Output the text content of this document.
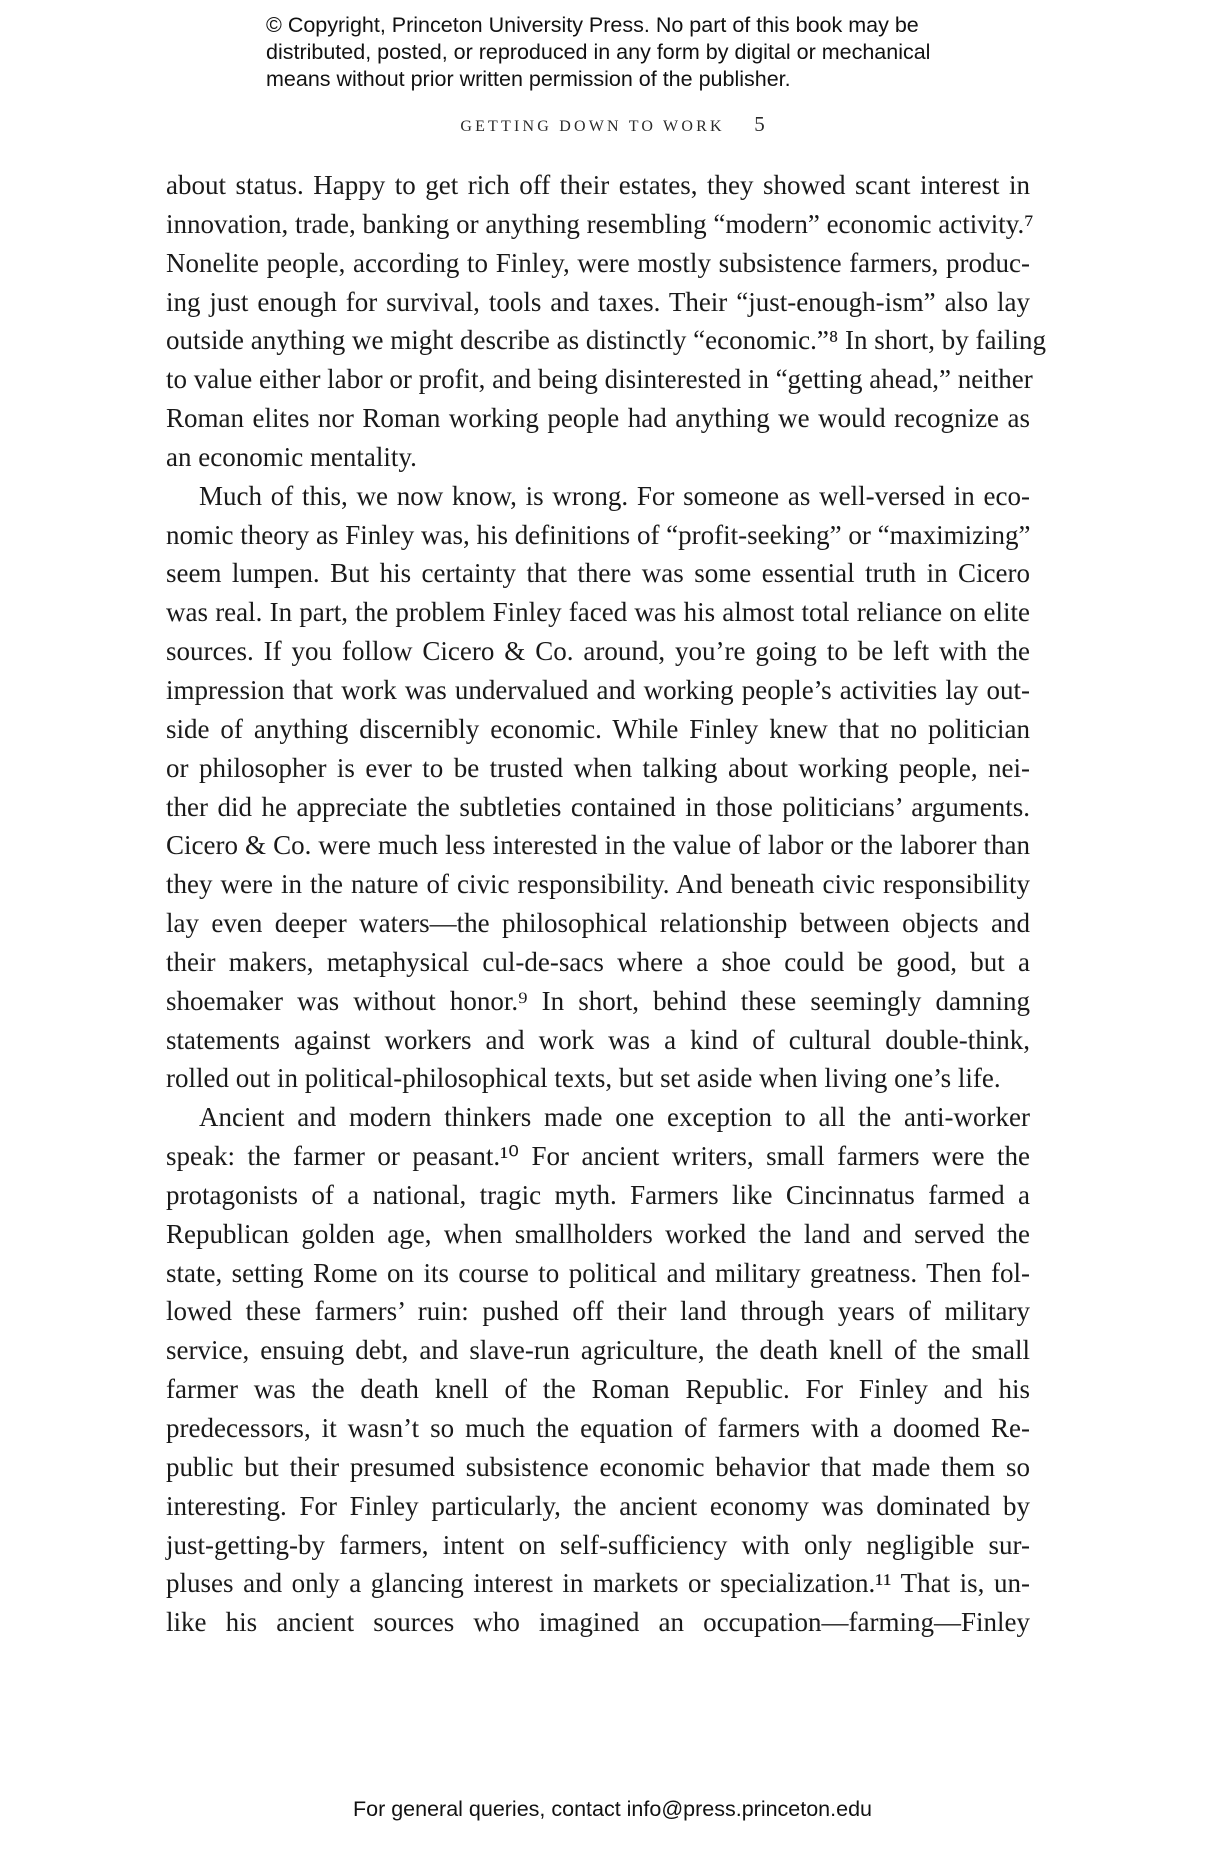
© Copyright, Princeton University Press. No part of this book may be
distributed, posted, or reproduced in any form by digital or mechanical
means without prior written permission of the publisher.
GETTING DOWN TO WORK 5
about status. Happy to get rich off their estates, they showed scant interest in
innovation, trade, banking or anything resembling “modern” economic activity.⁷
Nonelite people, according to Finley, were mostly subsistence farmers, produc-
ing just enough for survival, tools and taxes. Their “just-enough-ism” also lay
outside anything we might describe as distinctly “economic.”⁸ In short, by failing
to value either labor or profit, and being disinterested in “getting ahead,” neither
Roman elites nor Roman working people had anything we would recognize as
an economic mentality.
Much of this, we now know, is wrong. For someone as well-versed in eco-
nomic theory as Finley was, his definitions of “profit-seeking” or “maximizing”
seem lumpen. But his certainty that there was some essential truth in Cicero
was real. In part, the problem Finley faced was his almost total reliance on elite
sources. If you follow Cicero & Co. around, you’re going to be left with the
impression that work was undervalued and working people’s activities lay out-
side of anything discernibly economic. While Finley knew that no politician
or philosopher is ever to be trusted when talking about working people, nei-
ther did he appreciate the subtleties contained in those politicians’ arguments.
Cicero & Co. were much less interested in the value of labor or the laborer than
they were in the nature of civic responsibility. And beneath civic responsibility
lay even deeper waters—the philosophical relationship between objects and
their makers, metaphysical cul-de-sacs where a shoe could be good, but a
shoemaker was without honor.⁹ In short, behind these seemingly damning
statements against workers and work was a kind of cultural double-think,
rolled out in political-philosophical texts, but set aside when living one’s life.
Ancient and modern thinkers made one exception to all the anti-worker
speak: the farmer or peasant.¹⁰ For ancient writers, small farmers were the
protagonists of a national, tragic myth. Farmers like Cincinnatus farmed a
Republican golden age, when smallholders worked the land and served the
state, setting Rome on its course to political and military greatness. Then fol-
lowed these farmers’ ruin: pushed off their land through years of military
service, ensuing debt, and slave-run agriculture, the death knell of the small
farmer was the death knell of the Roman Republic. For Finley and his
predecessors, it wasn’t so much the equation of farmers with a doomed Re-
public but their presumed subsistence economic behavior that made them so
interesting. For Finley particularly, the ancient economy was dominated by
just-getting-by farmers, intent on self-sufficiency with only negligible sur-
pluses and only a glancing interest in markets or specialization.¹¹ That is, un-
like his ancient sources who imagined an occupation—farming—Finley
For general queries, contact info@press.princeton.edu
